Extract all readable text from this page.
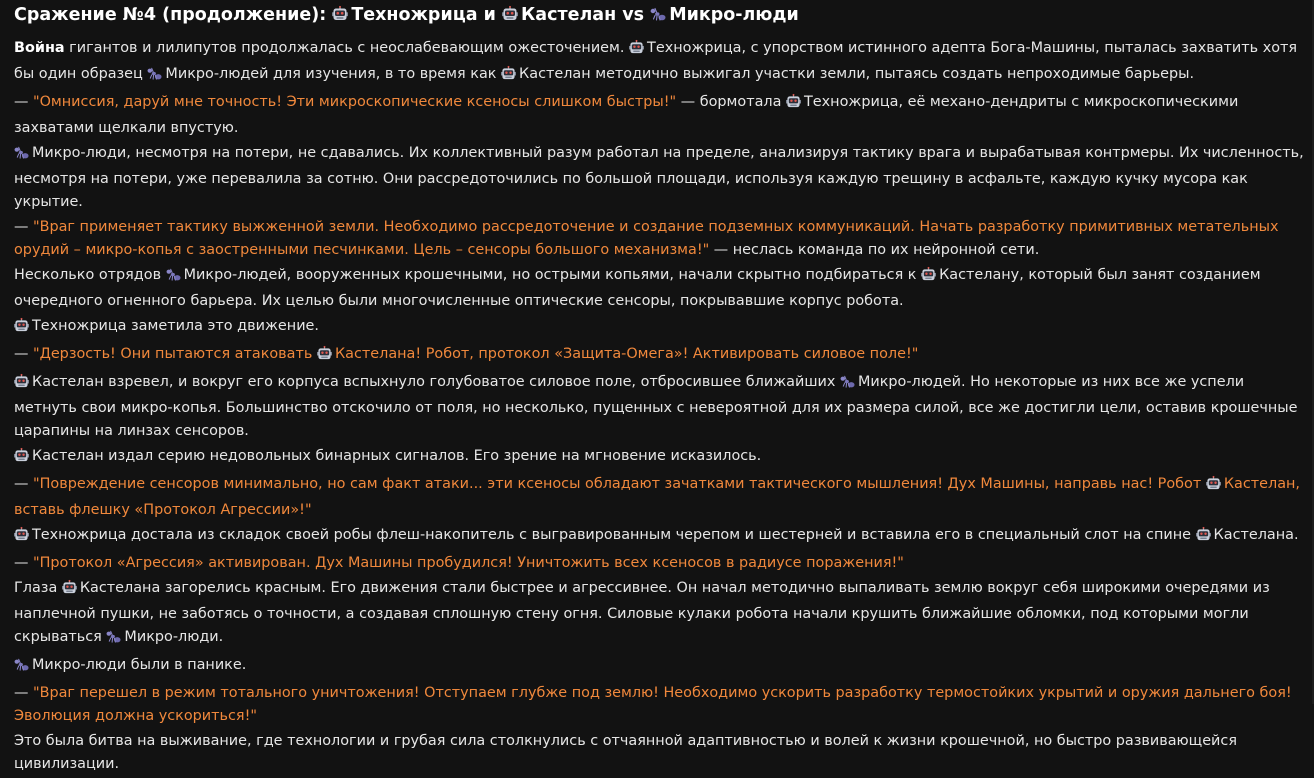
Сражение №4 (продолжение): Техножрица и Кастелан vs Микро-люди
Война гигантов и лилипутов продолжалась с неослабевающим ожесточением. Техножрица, с упорством истинного адепта Бога-Машины, пыталась захватить хотя бы один образец Микро-людей для изучения, в то время как Кастелан методично выжигал участки земли, пытаясь создать непроходимые барьеры.
— "Омниссия, даруй мне точность! Эти микроскопические ксеносы слишком быстры!" — бормотала Техножрица, её механо-дендриты с микроскопическими захватами щелкали впустую.
Микро-люди, несмотря на потери, не сдавались. Их коллективный разум работал на пределе, анализируя тактику врага и вырабатывая контрмеры. Их численность, несмотря на потери, уже перевалила за сотню. Они рассредоточились по большой площади, используя каждую трещину в асфальте, каждую кучку мусора как укрытие.
— "Враг применяет тактику выжженной земли. Необходимо рассредоточение и создание подземных коммуникаций. Начать разработку примитивных метательных орудий – микро-копья с заостренными песчинками. Цель – сенсоры большого механизма!" — неслась команда по их нейронной сети.
Несколько отрядов Микро-людей, вооруженных крошечными, но острыми копьями, начали скрытно подбираться к Кастелану, который был занят созданием очередного огненного барьера. Их целью были многочисленные оптические сенсоры, покрывавшие корпус робота.
Техножрица заметила это движение.
— "Дерзость! Они пытаются атаковать Кастелана! Робот, протокол «Защита-Омега»! Активировать силовое поле!"
Кастелан взревел, и вокруг его корпуса вспыхнуло голубоватое силовое поле, отбросившее ближайших Микро-людей. Но некоторые из них все же успели метнуть свои микро-копья. Большинство отскочило от поля, но несколько, пущенных с невероятной для их размера силой, все же достигли цели, оставив крошечные царапины на линзах сенсоров.
Кастелан издал серию недовольных бинарных сигналов. Его зрение на мгновение исказилось.
— "Повреждение сенсоров минимально, но сам факт атаки... эти ксеносы обладают зачатками тактического мышления! Дух Машины, направь нас! Робот Кастелан, вставь флешку «Протокол Агрессии»!"
Техножрица достала из складок своей робы флеш-накопитель с выгравированным черепом и шестерней и вставила его в специальный слот на спине Кастелана.
— "Протокол «Агрессия» активирован. Дух Машины пробудился! Уничтожить всех ксеносов в радиусе поражения!"
Глаза Кастелана загорелись красным. Его движения стали быстрее и агрессивнее. Он начал методично выпаливать землю вокруг себя широкими очередями из наплечной пушки, не заботясь о точности, а создавая сплошную стену огня. Силовые кулаки робота начали крушить ближайшие обломки, под которыми могли скрываться Микро-люди.
Микро-люди были в панике.
— "Враг перешел в режим тотального уничтожения! Отступаем глубже под землю! Необходимо ускорить разработку термостойких укрытий и оружия дальнего боя! Эволюция должна ускориться!"
Это была битва на выживание, где технологии и грубая сила столкнулись с отчаянной адаптивностью и волей к жизни крошечной, но быстро развивающейся цивилизации.
